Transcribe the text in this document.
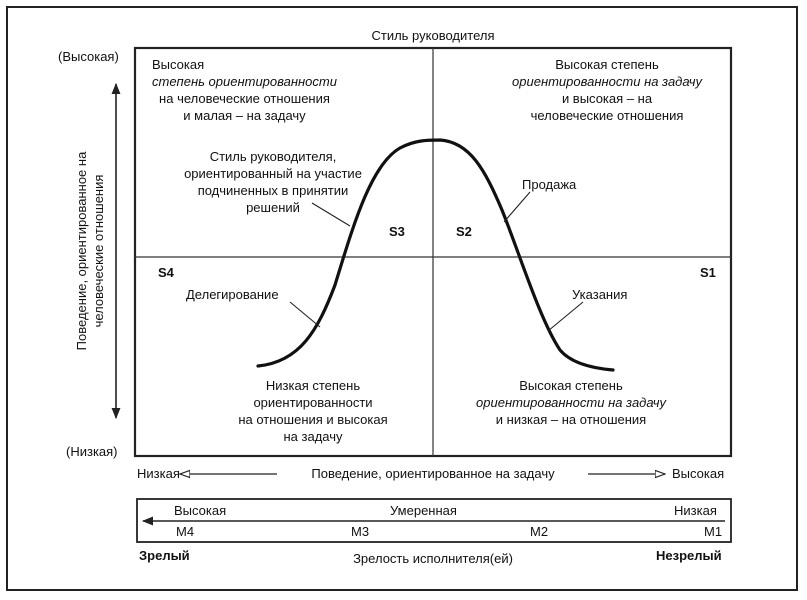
Стиль руководителя
(Высокая)
(Низкая)
Поведение, ориентированное на человеческие отношения
Высокая
степень ориентированности
на человеческие отношения
и малая – на задачу
Высокая степень
ориентированности на задачу
и высокая – на
человеческие отношения
Стиль руководителя,
ориентированный на участие
подчиненных в принятии
решений
Продажа
S3	S2
S4	S1
Делегирование	Указания
Низкая степень
ориентированности
на отношения и высокая
на задачу
Высокая степень
ориентированности на задачу
и низкая – на отношения
Низкая	Поведение, ориентированное на задачу	Высокая
Высокая	Умеренная	Низкая
M4	M3	M2	M1
Зрелый	Зрелость исполнителя(ей)	Незрелый
